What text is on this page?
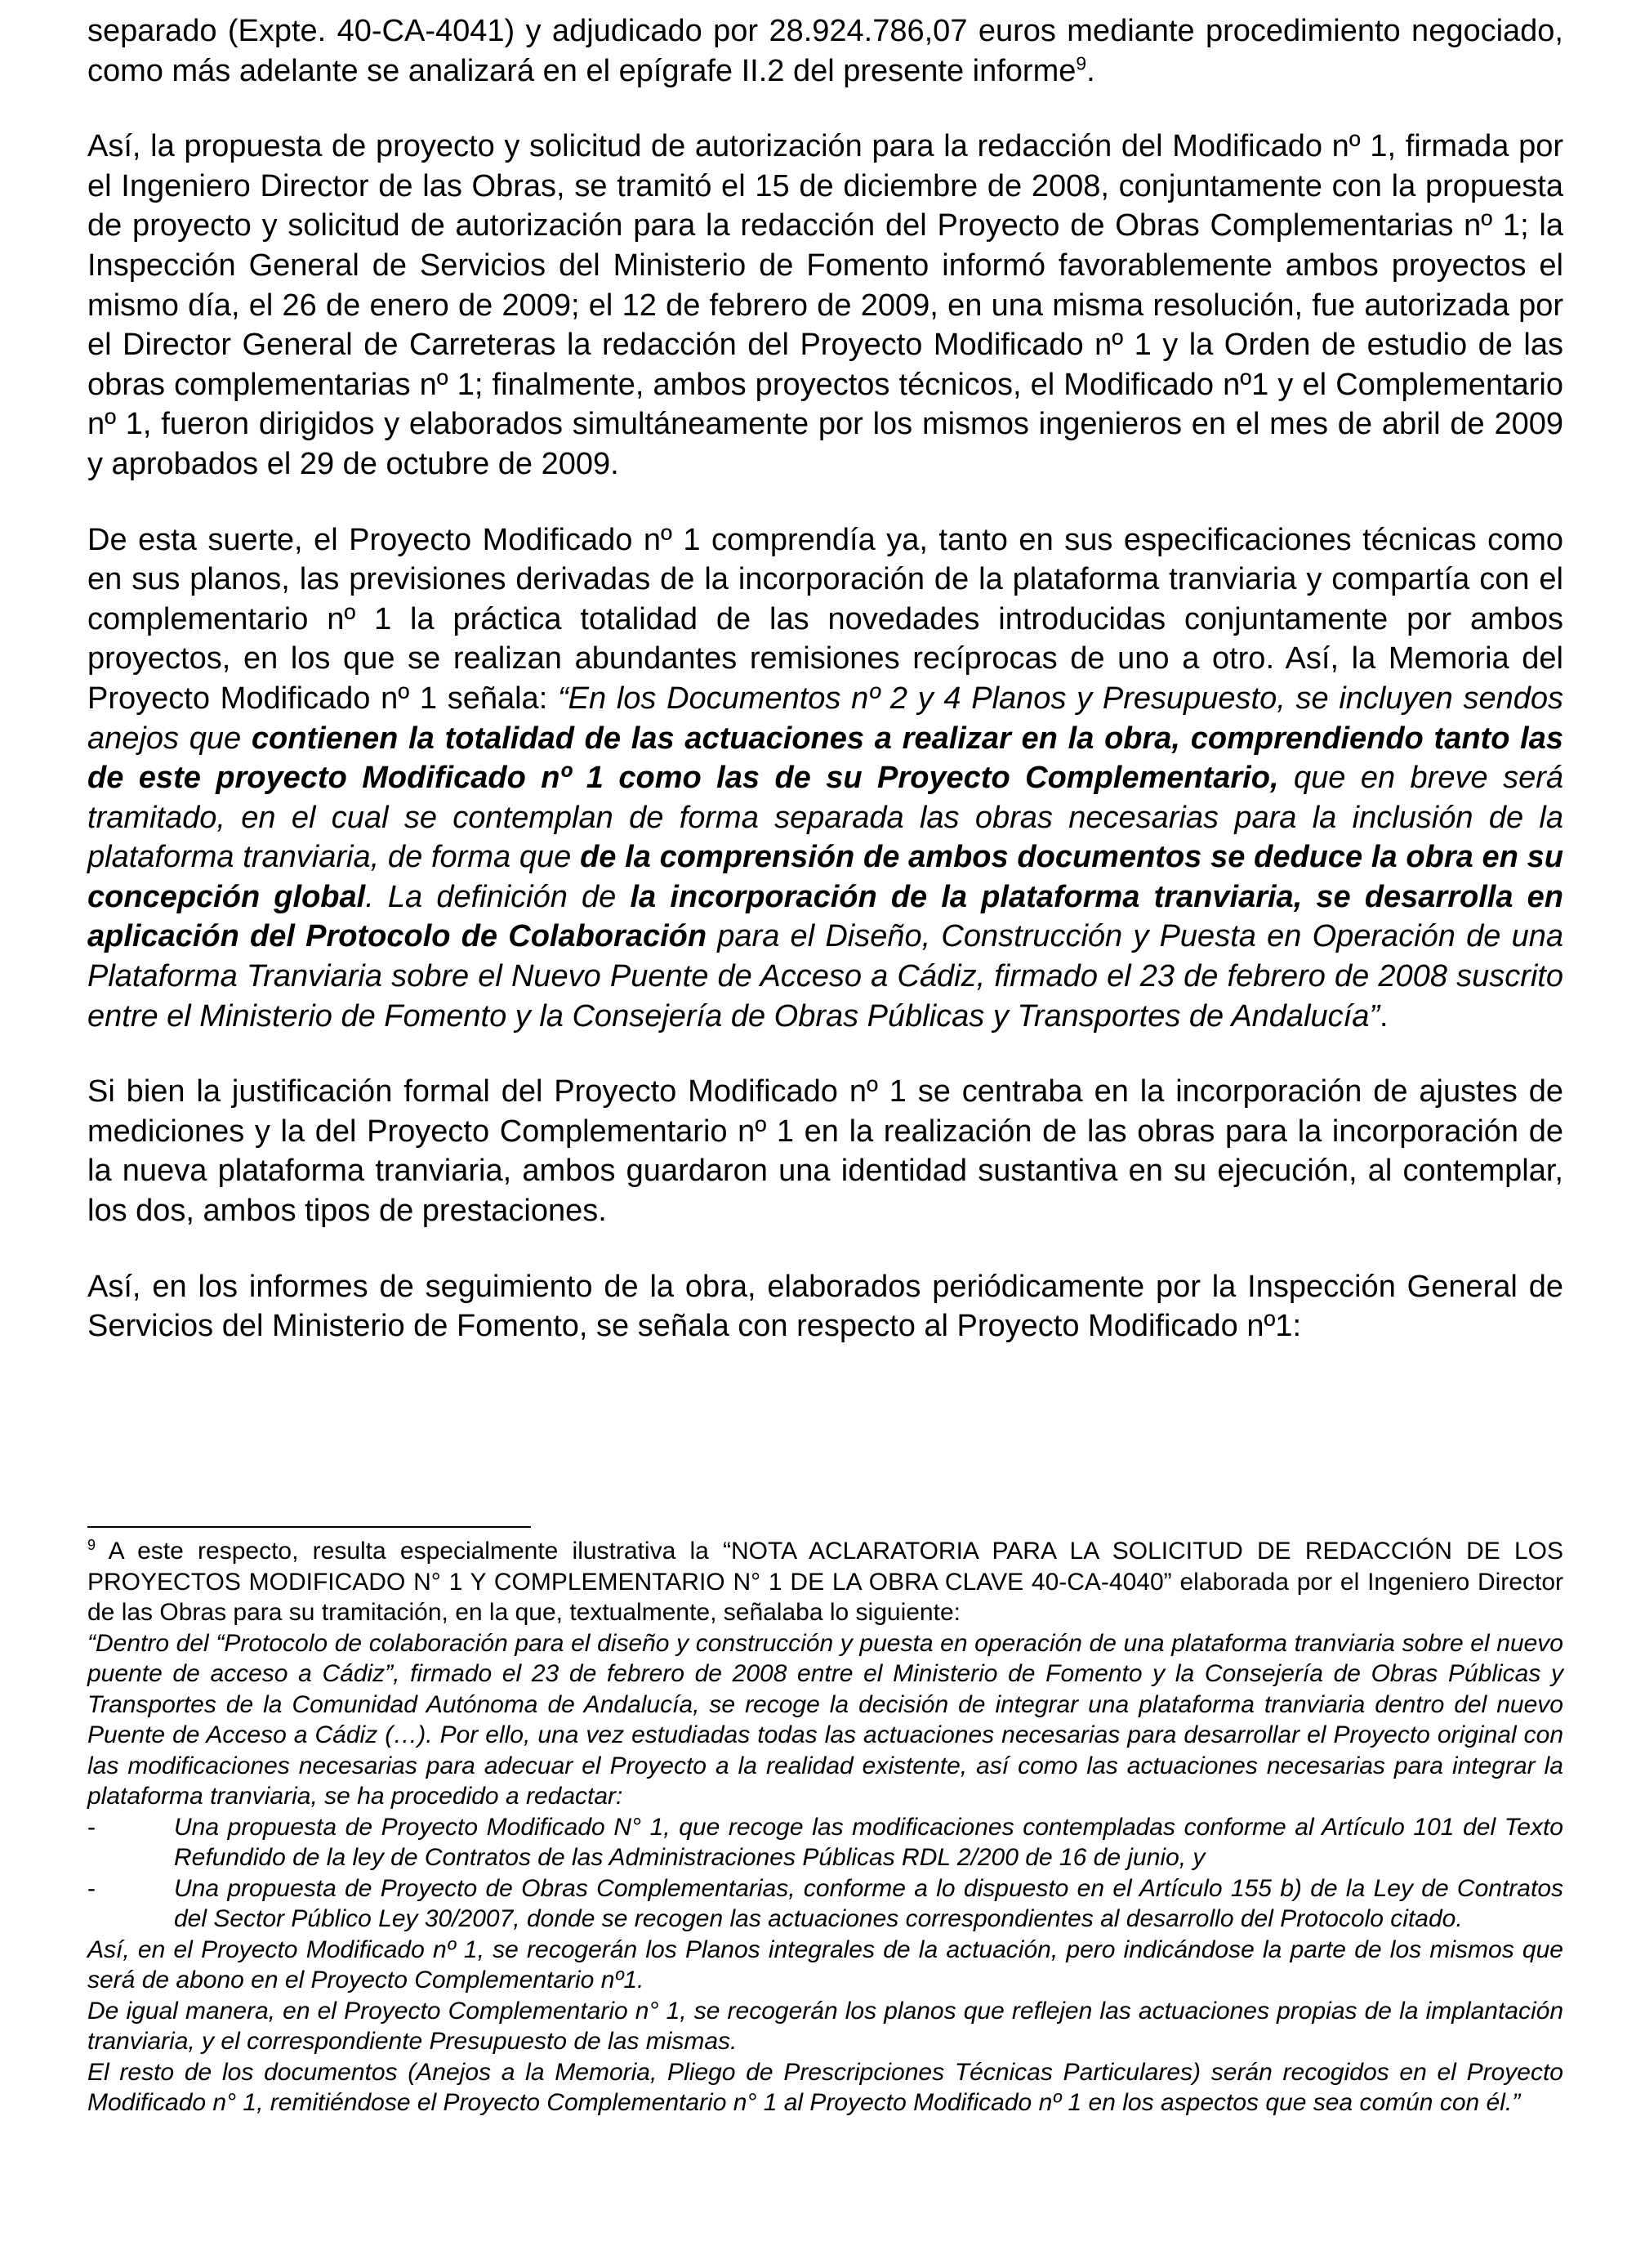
separado (Expte. 40-CA-4041) y adjudicado por 28.924.786,07 euros mediante procedimiento negociado, como más adelante se analizará en el epígrafe II.2 del presente informe$^9$.

Así, la propuesta de proyecto y solicitud de autorización para la redacción del Modificado nº 1, firmada por el Ingeniero Director de las Obras, se tramitó el 15 de diciembre de 2008, conjuntamente con la propuesta de proyecto y solicitud de autorización para la redacción del Proyecto de Obras Complementarias nº 1; la Inspección General de Servicios del Ministerio de Fomento informó favorablemente ambos proyectos el mismo día, el 26 de enero de 2009; el 12 de febrero de 2009, en una misma resolución, fue autorizada por el Director General de Carreteras la redacción del Proyecto Modificado nº 1 y la Orden de estudio de las obras complementarias nº 1; finalmente, ambos proyectos técnicos, el Modificado nº1 y el Complementario nº 1, fueron dirigidos y elaborados simultáneamente por los mismos ingenieros en el mes de abril de 2009 y aprobados el 29 de octubre de 2009.

De esta suerte, el Proyecto Modificado nº 1 comprendía ya, tanto en sus especificaciones técnicas como en sus planos, las previsiones derivadas de la incorporación de la plataforma tranviaria y compartía con el complementario nº 1 la práctica totalidad de las novedades introducidas conjuntamente por ambos proyectos, en los que se realizan abundantes remisiones recíprocas de uno a otro. Así, la Memoria del Proyecto Modificado nº 1 señala: “En los Documentos nº 2 y 4 Planos y Presupuesto, se incluyen sendos anejos que contienen la totalidad de las actuaciones a realizar en la obra, comprendiendo tanto las de este proyecto Modificado nº 1 como las de su Proyecto Complementario, que en breve será tramitado, en el cual se contemplan de forma separada las obras necesarias para la inclusión de la plataforma tranviaria, de forma que de la comprensión de ambos documentos se deduce la obra en su concepción global. La definición de la incorporación de la plataforma tranviaria, se desarrolla en aplicación del Protocolo de Colaboración para el Diseño, Construcción y Puesta en Operación de una Plataforma Tranviaria sobre el Nuevo Puente de Acceso a Cádiz, firmado el 23 de febrero de 2008 suscrito entre el Ministerio de Fomento y la Consejería de Obras Públicas y Transportes de Andalucía”.

Si bien la justificación formal del Proyecto Modificado nº 1 se centraba en la incorporación de ajustes de mediciones y la del Proyecto Complementario nº 1 en la realización de las obras para la incorporación de la nueva plataforma tranviaria, ambos guardaron una identidad sustantiva en su ejecución, al contemplar, los dos, ambos tipos de prestaciones.

Así, en los informes de seguimiento de la obra, elaborados periódicamente por la Inspección General de Servicios del Ministerio de Fomento, se señala con respecto al Proyecto Modificado nº1:

$^9$ A este respecto, resulta especialmente ilustrativa la “NOTA ACLARATORIA PARA LA SOLICITUD DE REDACCIÓN DE LOS PROYECTOS MODIFICADO N° 1 Y COMPLEMENTARIO N° 1 DE LA OBRA CLAVE 40-CA-4040” elaborada por el Ingeniero Director de las Obras para su tramitación, en la que, textualmente, señalaba lo siguiente:

“Dentro del “Protocolo de colaboración para el diseño y construcción y puesta en operación de una plataforma tranviaria sobre el nuevo puente de acceso a Cádiz”, firmado el 23 de febrero de 2008 entre el Ministerio de Fomento y la Consejería de Obras Públicas y Transportes de la Comunidad Autónoma de Andalucía, se recoge la decisión de integrar una plataforma tranviaria dentro del nuevo Puente de Acceso a Cádiz (…). Por ello, una vez estudiadas todas las actuaciones necesarias para desarrollar el Proyecto original con las modificaciones necesarias para adecuar el Proyecto a la realidad existente, así como las actuaciones necesarias para integrar la plataforma tranviaria, se ha procedido a redactar:

-	Una propuesta de Proyecto Modificado N° 1, que recoge las modificaciones contempladas conforme al Artículo 101 del Texto Refundido de la ley de Contratos de las Administraciones Públicas RDL 2/200 de 16 de junio, y
-	Una propuesta de Proyecto de Obras Complementarias, conforme a lo dispuesto en el Artículo 155 b) de la Ley de Contratos del Sector Público Ley 30/2007, donde se recogen las actuaciones correspondientes al desarrollo del Protocolo citado.

Así, en el Proyecto Modificado nº 1, se recogerán los Planos integrales de la actuación, pero indicándose la parte de los mismos que será de abono en el Proyecto Complementario nº1.

De igual manera, en el Proyecto Complementario n° 1, se recogerán los planos que reflejen las actuaciones propias de la implantación tranviaria, y el correspondiente Presupuesto de las mismas.

El resto de los documentos (Anejos a la Memoria, Pliego de Prescripciones Técnicas Particulares) serán recogidos en el Proyecto Modificado n° 1, remitiéndose el Proyecto Complementario n° 1 al Proyecto Modificado nº 1 en los aspectos que sea común con él.”
